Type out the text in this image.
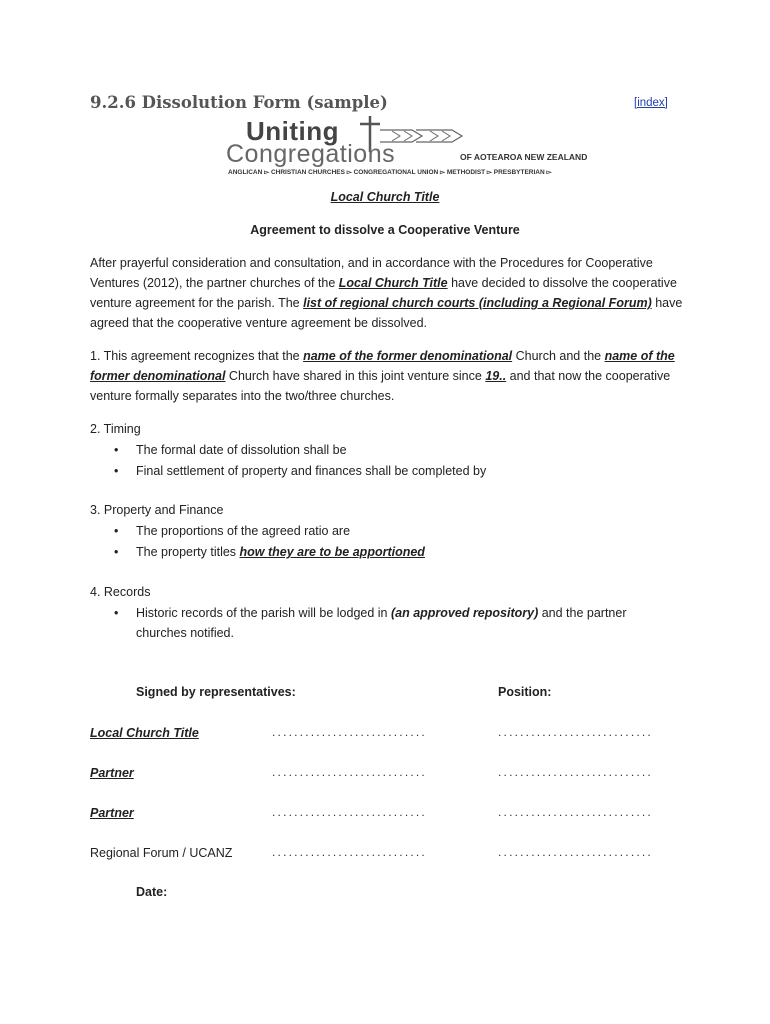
9.2.6 Dissolution Form (sample)	[index]
Uniting
Congregations	OF AOTEAROA NEW ZEALAND
ANGLICAN ▻ CHRISTIAN CHURCHES ▻ CONGREGATIONAL UNION ▻ METHODIST ▻ PRESBYTERIAN ▻
Local Church Title
Agreement to dissolve a Cooperative Venture
After prayerful consideration and consultation, and in accordance with the Procedures for Cooperative Ventures (2012), the partner churches of the Local Church Title have decided to dissolve the cooperative venture agreement for the parish. The list of regional church courts (including a Regional Forum) have agreed that the cooperative venture agreement be dissolved.
1. This agreement recognizes that the name of the former denominational Church and the name of the former denominational Church have shared in this joint venture since 19.. and that now the cooperative venture formally separates into the two/three churches.
2. Timing
• The formal date of dissolution shall be
• Final settlement of property and finances shall be completed by
3. Property and Finance
• The proportions of the agreed ratio are
• The property titles how they are to be apportioned
4. Records
• Historic records of the parish will be lodged in (an approved repository) and the partner churches notified.
Signed by representatives:	Position:
Local Church Title	............................	............................
Partner	............................	............................
Partner	............................	............................
Regional Forum / UCANZ	............................	............................
Date:
